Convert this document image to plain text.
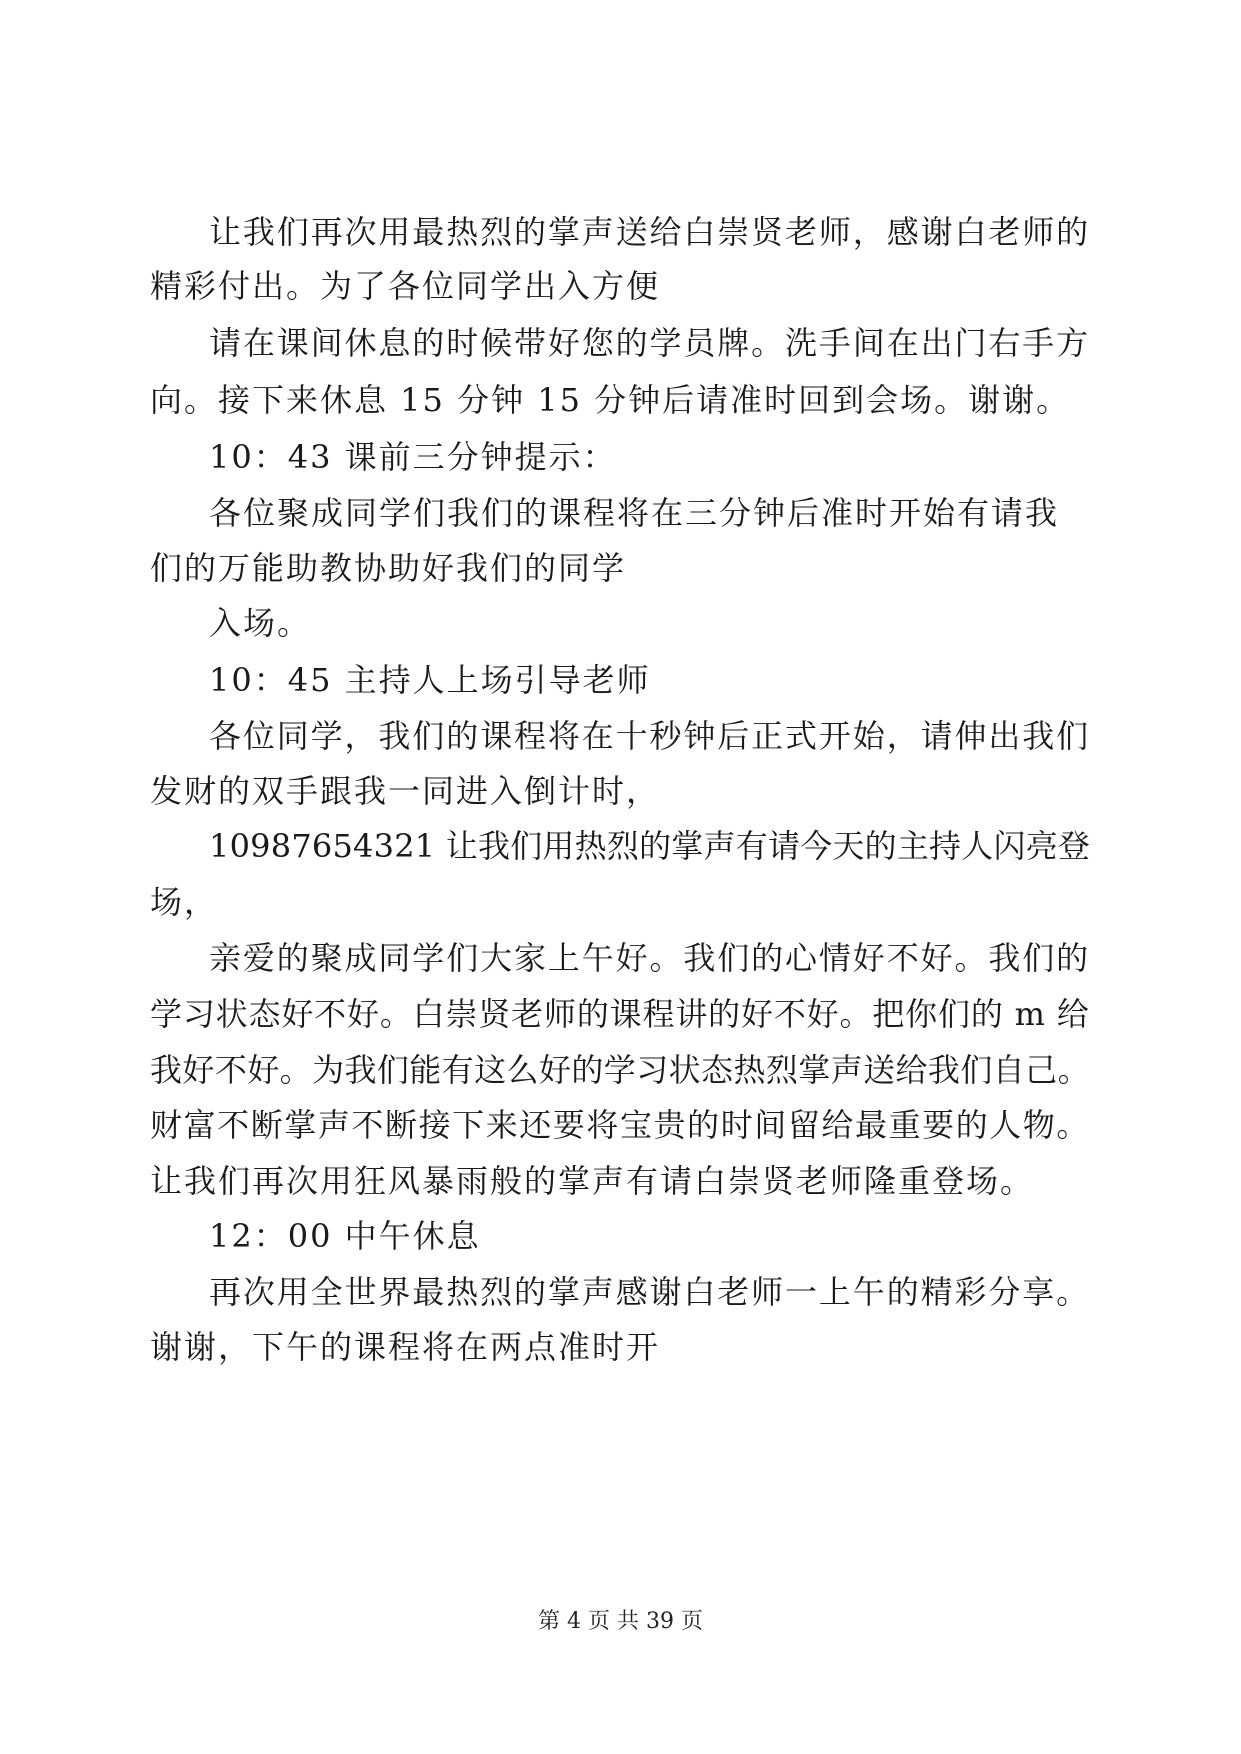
让我们再次用最热烈的掌声送给白崇贤老师，感谢白老师的

精彩付出。为了各位同学出入方便

请在课间休息的时候带好您的学员牌。洗手间在出门右手方

向。接下来休息 15 分钟 15 分钟后请准时回到会场。谢谢。

10：43 课前三分钟提示：

各位聚成同学们我们的课程将在三分钟后准时开始有请我

们的万能助教协助好我们的同学

入场。

10：45 主持人上场引导老师

各位同学，我们的课程将在十秒钟后正式开始，请伸出我们

发财的双手跟我一同进入倒计时，

10987654321 让我们用热烈的掌声有请今天的主持人闪亮登

场，

亲爱的聚成同学们大家上午好。我们的心情好不好。我们的

学习状态好不好。白崇贤老师的课程讲的好不好。把你们的 m 给

我好不好。为我们能有这么好的学习状态热烈掌声送给我们自己。

财富不断掌声不断接下来还要将宝贵的时间留给最重要的人物。

让我们再次用狂风暴雨般的掌声有请白崇贤老师隆重登场。

12：00 中午休息

再次用全世界最热烈的掌声感谢白老师一上午的精彩分享。

谢谢，下午的课程将在两点准时开

第 4 页 共 39 页
